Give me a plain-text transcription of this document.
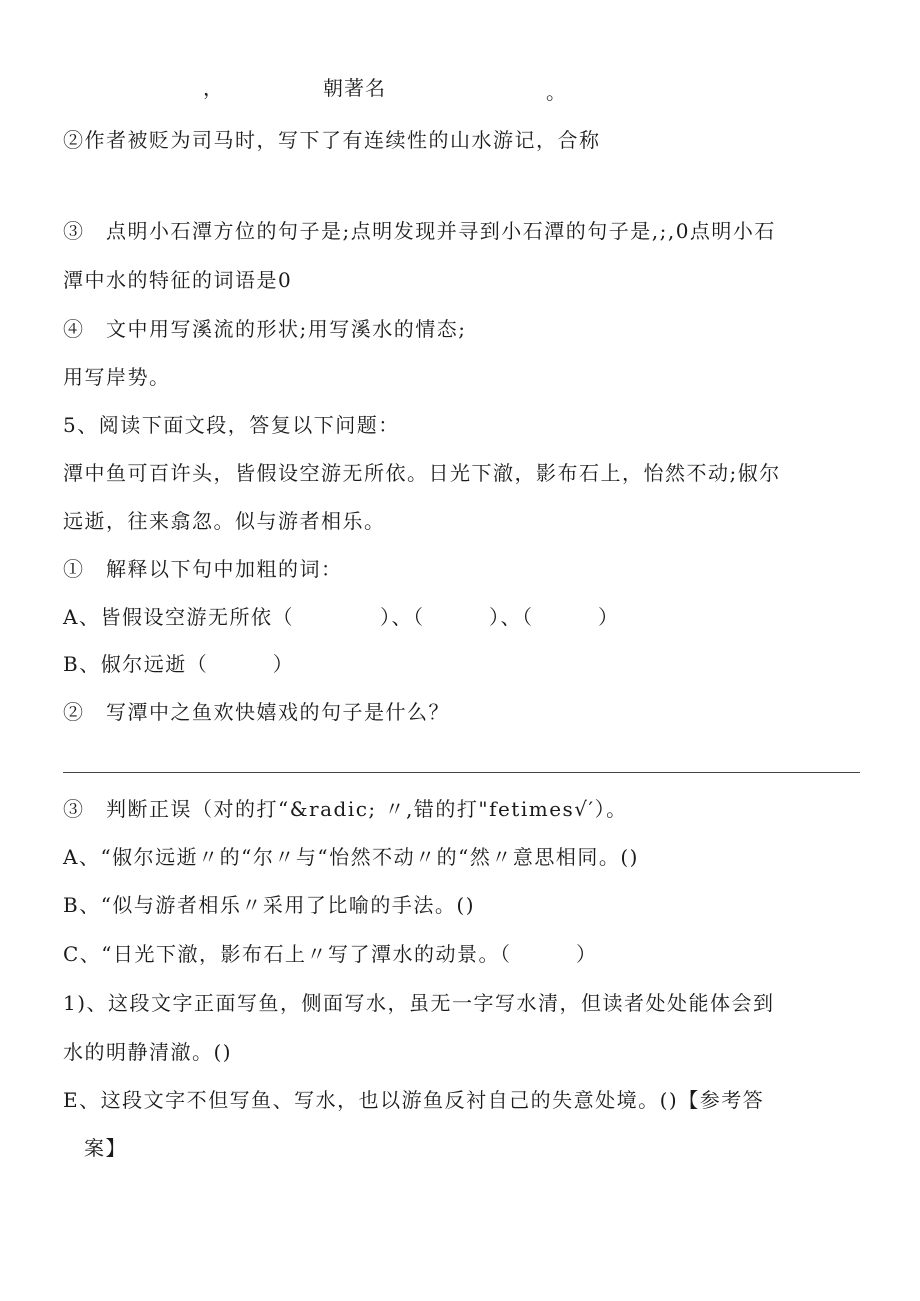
，	朝著名	。
②作者被贬为司马时，写下了有连续性的山水游记，合称
③　点明小石潭方位的句子是;点明发现并寻到小石潭的句子是,;,0点明小石
潭中水的特征的词语是0
④　文中用写溪流的形状;用写溪水的情态;
用写岸势。
5、阅读下面文段，答复以下问题：
潭中鱼可百许头，皆假设空游无所依。日光下澈，影布石上，怡然不动;俶尔
远逝，往来翕忽。似与游者相乐。
①　解释以下句中加粗的词：
A、皆假设空游无所依（　　　　）、（　　　）、（　　　）
B、俶尔远逝（　　　）
②　写潭中之鱼欢快嬉戏的句子是什么？
③　判断正误（对的打“&radic; 〃,错的打"fetimes√′）。
A、“俶尔远逝〃的“尔〃与“怡然不动〃的“然〃意思相同。()
B、“似与游者相乐〃采用了比喻的手法。()
C、“日光下澈，影布石上〃写了潭水的动景。（　　　）
1)、这段文字正面写鱼，侧面写水，虽无一字写水清，但读者处处能体会到
水的明静清澈。()
E、这段文字不但写鱼、写水，也以游鱼反衬自己的失意处境。()【参考答
案】
